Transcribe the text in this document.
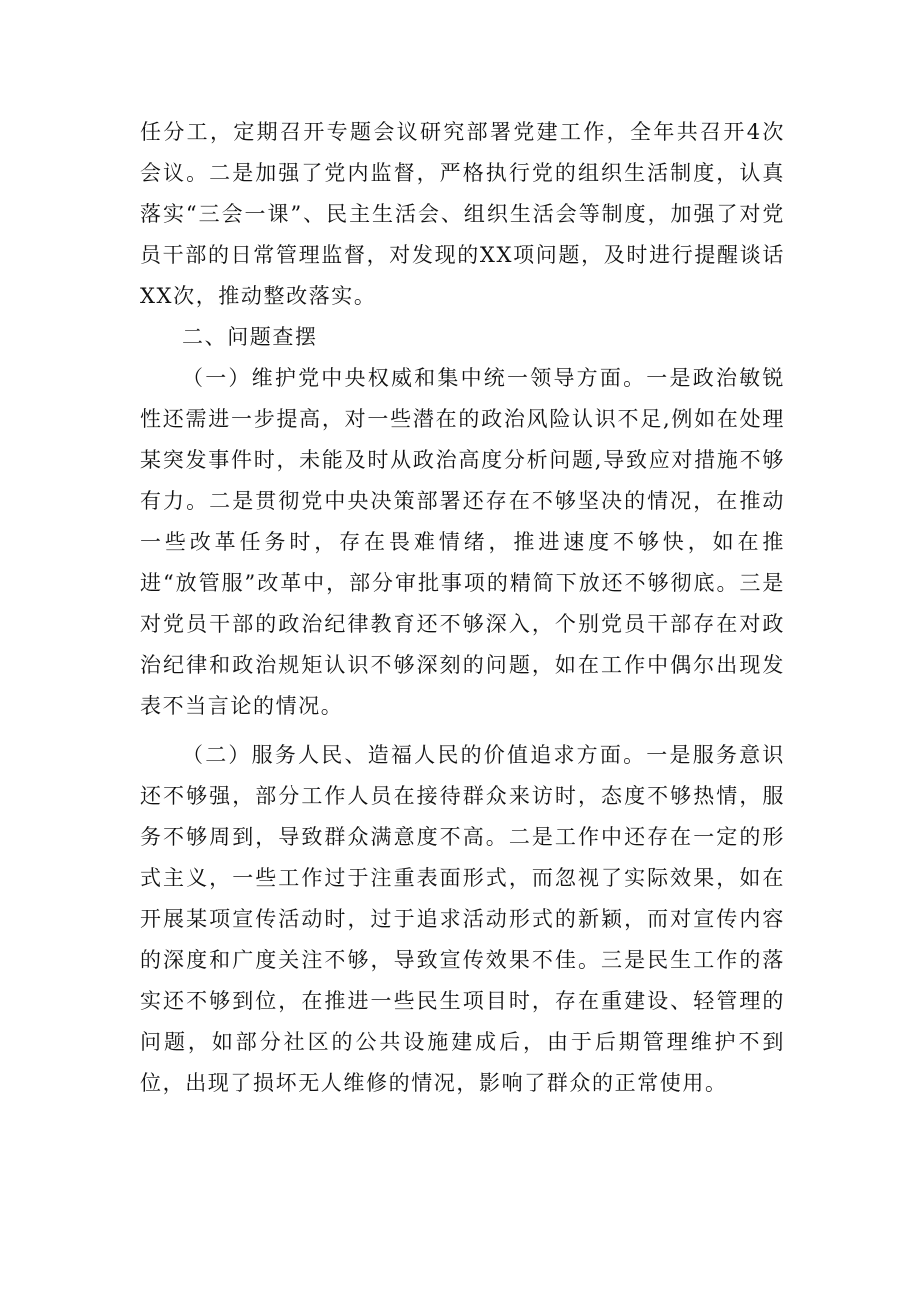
任分工，定期召开专题会议研究部署党建工作，全年共召开4次会议。二是加强了党内监督，严格执行党的组织生活制度，认真落实“三会一课”、民主生活会、组织生活会等制度，加强了对党员干部的日常管理监督，对发现的XX项问题，及时进行提醒谈话XX次，推动整改落实。

二、问题查摆

（一）维护党中央权威和集中统一领导方面。一是政治敏锐性还需进一步提高，对一些潜在的政治风险认识不足,例如在处理某突发事件时，未能及时从政治高度分析问题,导致应对措施不够有力。二是贯彻党中央决策部署还存在不够坚决的情况，在推动一些改革任务时，存在畏难情绪，推进速度不够快，如在推进“放管服”改革中，部分审批事项的精简下放还不够彻底。三是对党员干部的政治纪律教育还不够深入，个别党员干部存在对政治纪律和政治规矩认识不够深刻的问题，如在工作中偶尔出现发表不当言论的情况。

（二）服务人民、造福人民的价值追求方面。一是服务意识还不够强，部分工作人员在接待群众来访时，态度不够热情，服务不够周到，导致群众满意度不高。二是工作中还存在一定的形式主义，一些工作过于注重表面形式，而忽视了实际效果，如在开展某项宣传活动时，过于追求活动形式的新颖，而对宣传内容的深度和广度关注不够，导致宣传效果不佳。三是民生工作的落实还不够到位，在推进一些民生项目时，存在重建设、轻管理的问题，如部分社区的公共设施建成后，由于后期管理维护不到位，出现了损坏无人维修的情况，影响了群众的正常使用。
